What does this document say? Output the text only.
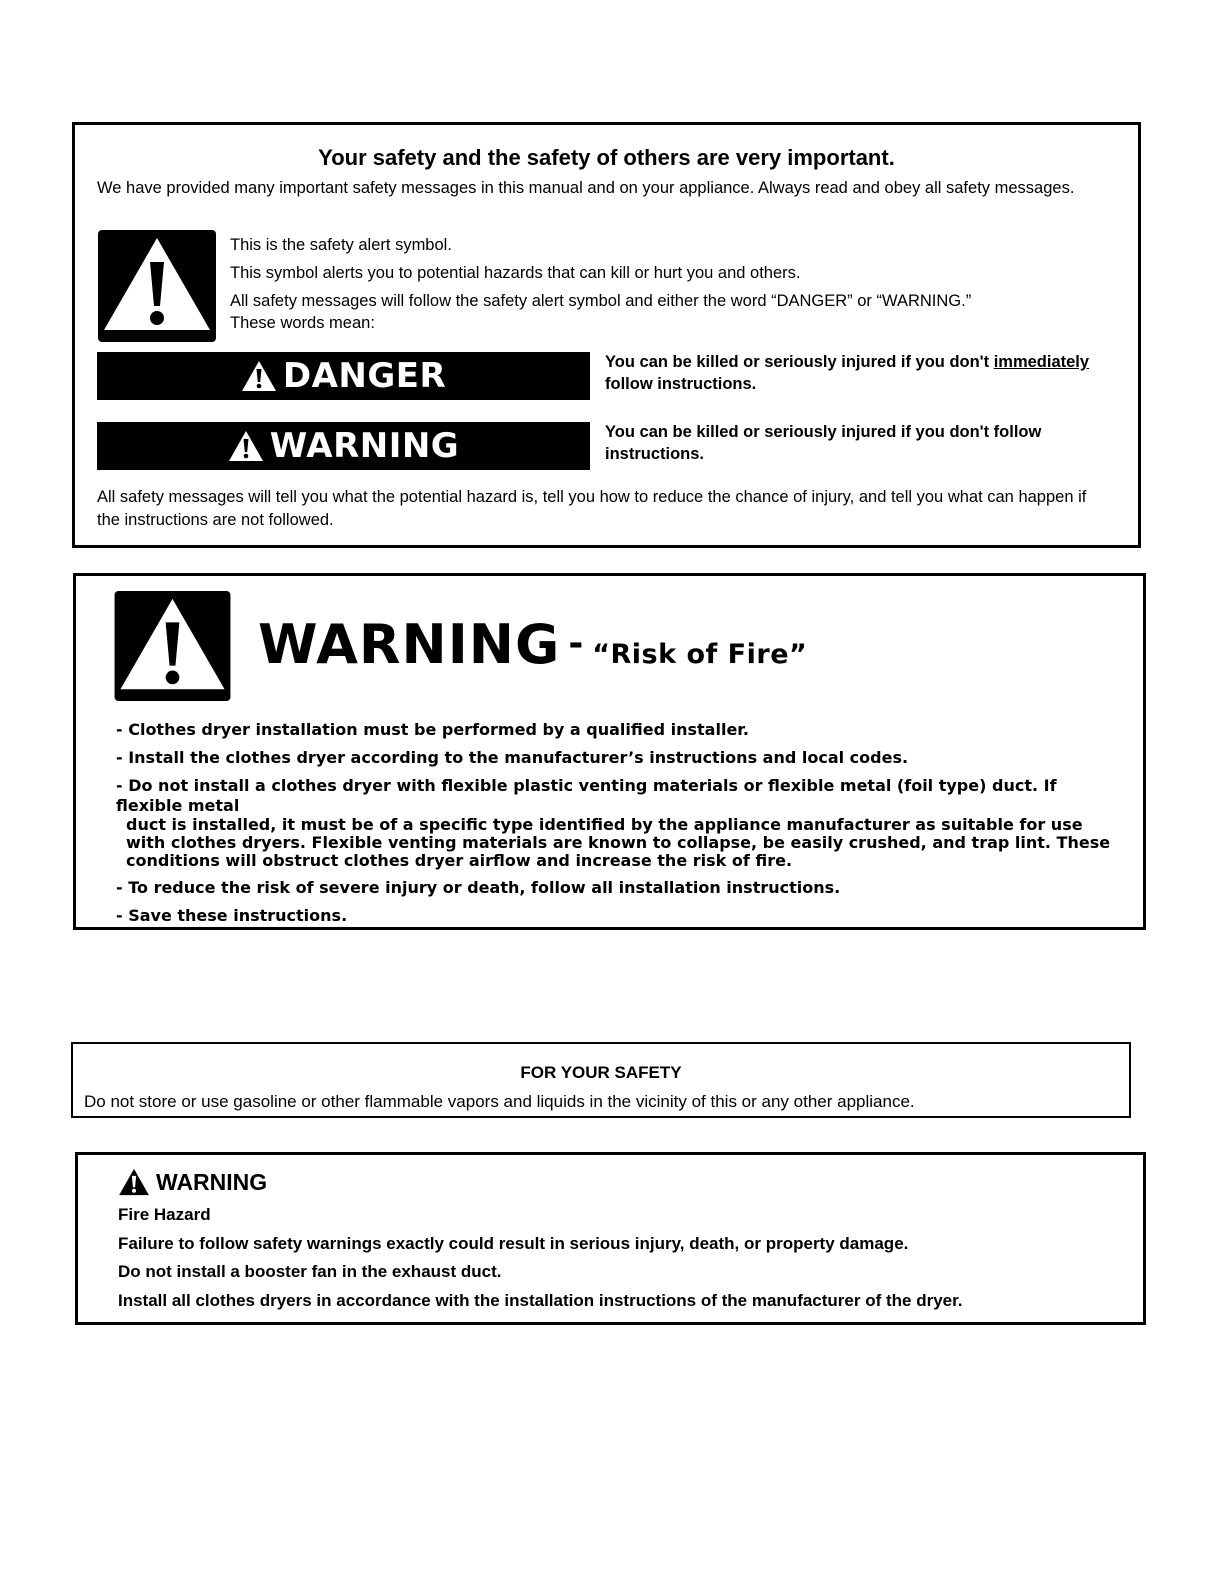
Your safety and the safety of others are very important.
We have provided many important safety messages in this manual and on your appliance. Always read and obey all safety messages.
This is the safety alert symbol.
This symbol alerts you to potential hazards that can kill or hurt you and others.
All safety messages will follow the safety alert symbol and either the word “DANGER” or “WARNING.”
These words mean:
DANGER	You can be killed or seriously injured if you don't immediately follow instructions.
WARNING	You can be killed or seriously injured if you don't follow instructions.
All safety messages will tell you what the potential hazard is, tell you how to reduce the chance of injury, and tell you what can happen if the instructions are not followed.
WARNING - “Risk of Fire”
- Clothes dryer installation must be performed by a qualified installer.
- Install the clothes dryer according to the manufacturer’s instructions and local codes.
- Do not install a clothes dryer with flexible plastic venting materials or flexible metal (foil type) duct. If flexible metal
duct is installed, it must be of a specific type identified by the appliance manufacturer as suitable for use with clothes dryers. Flexible venting materials are known to collapse, be easily crushed, and trap lint. These conditions will obstruct clothes dryer airflow and increase the risk of fire.
- To reduce the risk of severe injury or death, follow all installation instructions.
- Save these instructions.
FOR YOUR SAFETY
Do not store or use gasoline or other flammable vapors and liquids in the vicinity of this or any other appliance.
WARNING
Fire Hazard
Failure to follow safety warnings exactly could result in serious injury, death, or property damage.
Do not install a booster fan in the exhaust duct.
Install all clothes dryers in accordance with the installation instructions of the manufacturer of the dryer.
